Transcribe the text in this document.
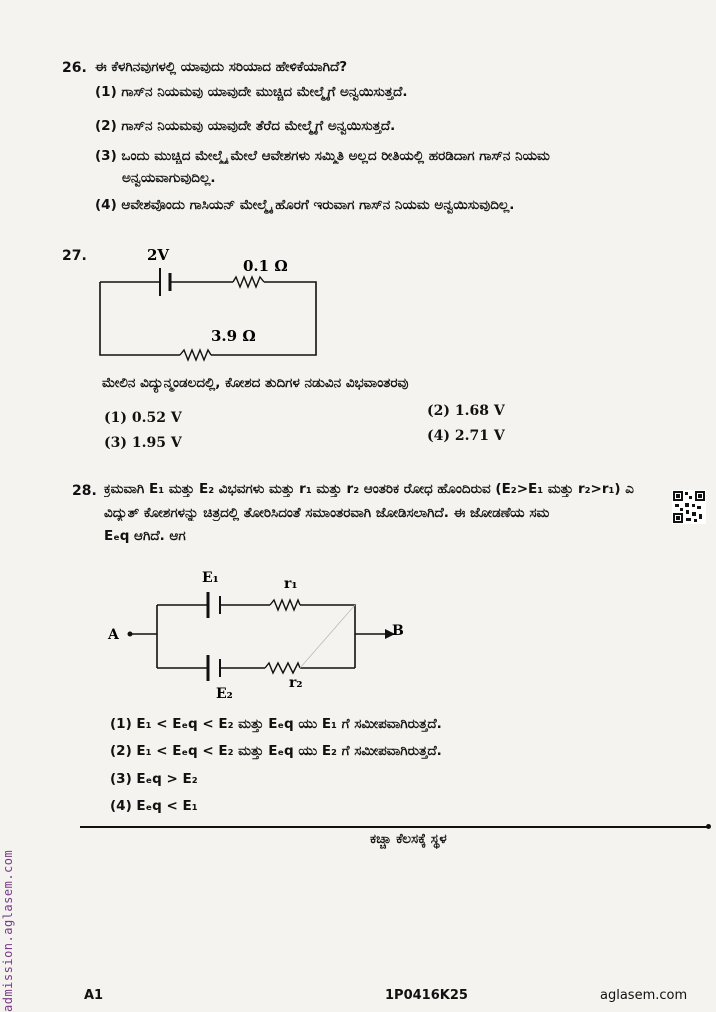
26. ಈ ಕೆಳಗಿನವುಗಳಲ್ಲಿ ಯಾವುದು ಸರಿಯಾದ ಹೇಳಿಕೆಯಾಗಿದೆ?
(1) ಗಾಸ್‌ನ ನಿಯಮವು ಯಾವುದೇ ಮುಚ್ಚಿದ ಮೇಲ್ಮೈಗೆ ಅನ್ವಯಿಸುತ್ತದೆ.
(2) ಗಾಸ್‌ನ ನಿಯಮವು ಯಾವುದೇ ತೆರೆದ ಮೇಲ್ಮೈಗೆ ಅನ್ವಯಿಸುತ್ತದೆ.
(3) ಒಂದು ಮುಚ್ಚಿದ ಮೇಲ್ಮೈ ಮೇಲೆ ಆವೇಶಗಳು ಸಮ್ಮಿತಿ ಅಲ್ಲದ ರೀತಿಯಲ್ಲಿ ಹರಡಿದಾಗ ಗಾಸ್‌ನ ನಿಯಮ
ಅನ್ವಯವಾಗುವುದಿಲ್ಲ.
(4) ಆವೇಶವೊಂದು ಗಾಸಿಯನ್ ಮೇಲ್ಮೈ ಹೊರಗೆ ಇರುವಾಗ ಗಾಸ್‌ನ ನಿಯಮ ಅನ್ವಯಿಸುವುದಿಲ್ಲ.
27.	2V
0.1 Ω
3.9 Ω
ಮೇಲಿನ ವಿದ್ಯುನ್ಮಂಡಲದಲ್ಲಿ, ಕೋಶದ ತುದಿಗಳ ನಡುವಿನ ವಿಭವಾಂತರವು
(1) 0.52 V	(2) 1.68 V
(3) 1.95 V	(4) 2.71 V
28. ಕ್ರಮವಾಗಿ E₁ ಮತ್ತು E₂ ವಿಭವಗಳು ಮತ್ತು r₁ ಮತ್ತು r₂ ಆಂತರಿಕ ರೋಧ ಹೊಂದಿರುವ (E₂>E₁ ಮತ್ತು r₂>r₁) ಎ
ವಿದ್ಯುತ್ ಕೋಶಗಳನ್ನು ಚಿತ್ರದಲ್ಲಿ ತೋರಿಸಿದಂತೆ ಸಮಾಂತರವಾಗಿ ಜೋಡಿಸಲಾಗಿದೆ. ಈ ಜೋಡಣೆಯ ಸಮ
Eₑq ಆಗಿದೆ. ಆಗ
E₁	r₁
A	B
r₂
E₂
(1) E₁ < Eₑq < E₂ ಮತ್ತು Eₑq ಯು E₁ ಗೆ ಸಮೀಪವಾಗಿರುತ್ತದೆ.
(2) E₁ < Eₑq < E₂ ಮತ್ತು Eₑq ಯು E₂ ಗೆ ಸಮೀಪವಾಗಿರುತ್ತದೆ.
(3) Eₑq > E₂
(4) Eₑq < E₁
ಕಚ್ಚಾ ಕೆಲಸಕ್ಕೆ ಸ್ಥಳ
admission.aglasem.com	A1	1P0416K25	aglasem.com
